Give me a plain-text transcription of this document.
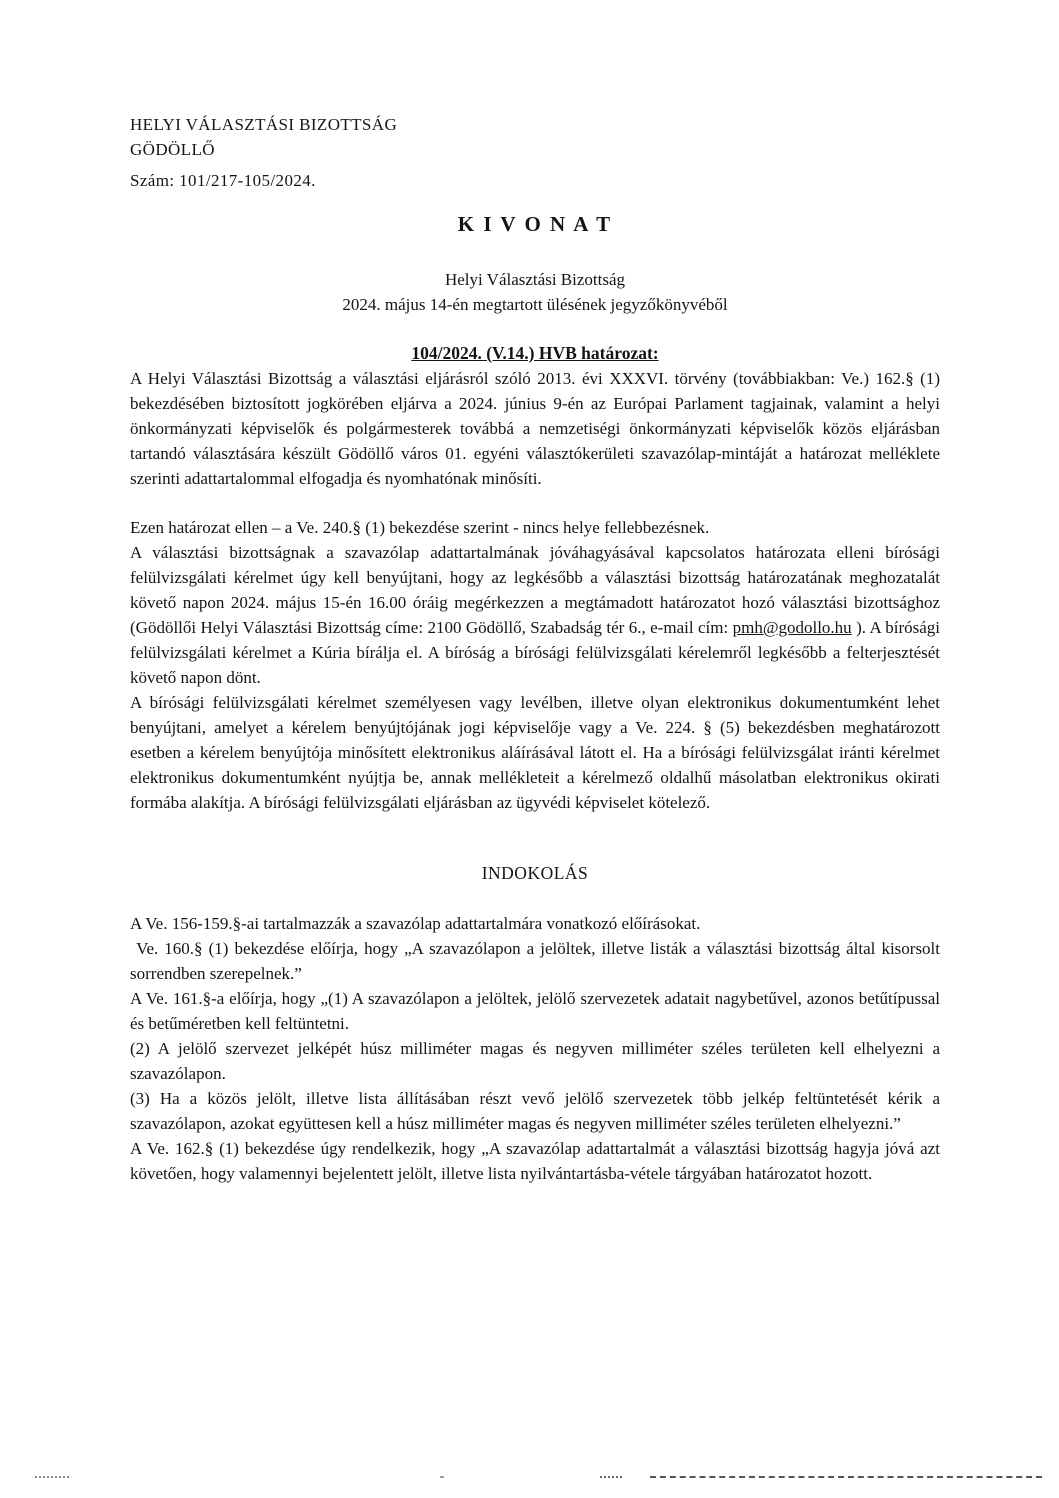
HELYI VÁLASZTÁSI BIZOTTSÁG
GÖDÖLLŐ
Szám: 101/217-105/2024.
K I V O N A T
Helyi Választási Bizottság
2024. május 14-én megtartott ülésének jegyzőkönyvéből
104/2024. (V.14.) HVB határozat:

A Helyi Választási Bizottság a választási eljárásról szóló 2013. évi XXXVI. törvény (továbbiakban: Ve.) 162.§ (1) bekezdésében biztosított jogkörében eljárva a 2024. június 9-én az Európai Parlament tagjainak, valamint a helyi önkormányzati képviselők és polgármesterek továbbá a nemzetiségi önkormányzati képviselők közös eljárásban tartandó választására készült Gödöllő város 01. egyéni választókerületi szavazólap-mintáját a határozat melléklete szerinti adattartalommal elfogadja és nyomhatónak minősíti.

Ezen határozat ellen – a Ve. 240.§ (1) bekezdése szerint - nincs helye fellebbezésnek.

A választási bizottságnak a szavazólap adattartalmának jóváhagyásával kapcsolatos határozata elleni bírósági felülvizsgálati kérelmet úgy kell benyújtani, hogy az legkésőbb a választási bizottság határozatának meghozatalát követő napon 2024. május 15-én 16.00 óráig megérkezzen a megtámadott határozatot hozó választási bizottsághoz (Gödöllői Helyi Választási Bizottság címe: 2100 Gödöllő, Szabadság tér 6., e-mail cím: pmh@godollo.hu ). A bírósági felülvizsgálati kérelmet a Kúria bírálja el. A bíróság a bírósági felülvizsgálati kérelemről legkésőbb a felterjesztését követő napon dönt.

A bírósági felülvizsgálati kérelmet személyesen vagy levélben, illetve olyan elektronikus dokumentumként lehet benyújtani, amelyet a kérelem benyújtójának jogi képviselője vagy a Ve. 224. § (5) bekezdésben meghatározott esetben a kérelem benyújtója minősített elektronikus aláírásával látott el. Ha a bírósági felülvizsgálat iránti kérelmet elektronikus dokumentumként nyújtja be, annak mellékleteit a kérelmező oldalhű másolatban elektronikus okirati formába alakítja. A bírósági felülvizsgálati eljárásban az ügyvédi képviselet kötelező.

INDOKOLÁS

A Ve. 156-159.§-ai tartalmazzák a szavazólap adattartalmára vonatkozó előírásokat.

Ve. 160.§ (1) bekezdése előírja, hogy „A szavazólapon a jelöltek, illetve listák a választási bizottság által kisorsolt sorrendben szerepelnek.”

A Ve. 161.§-a előírja, hogy „(1) A szavazólapon a jelöltek, jelölő szervezetek adatait nagybetűvel, azonos betűtípussal és betűméretben kell feltüntetni.

(2) A jelölő szervezet jelképét húsz milliméter magas és negyven milliméter széles területen kell elhelyezni a szavazólapon.

(3) Ha a közös jelölt, illetve lista állításában részt vevő jelölő szervezetek több jelkép feltüntetését kérik a szavazólapon, azokat együttesen kell a húsz milliméter magas és negyven milliméter széles területen elhelyezni.”

A Ve. 162.§ (1) bekezdése úgy rendelkezik, hogy „A szavazólap adattartalmát a választási bizottság hagyja jóvá azt követően, hogy valamennyi bejelentett jelölt, illetve lista nyilvántartásba-vétele tárgyában határozatot hozott.
